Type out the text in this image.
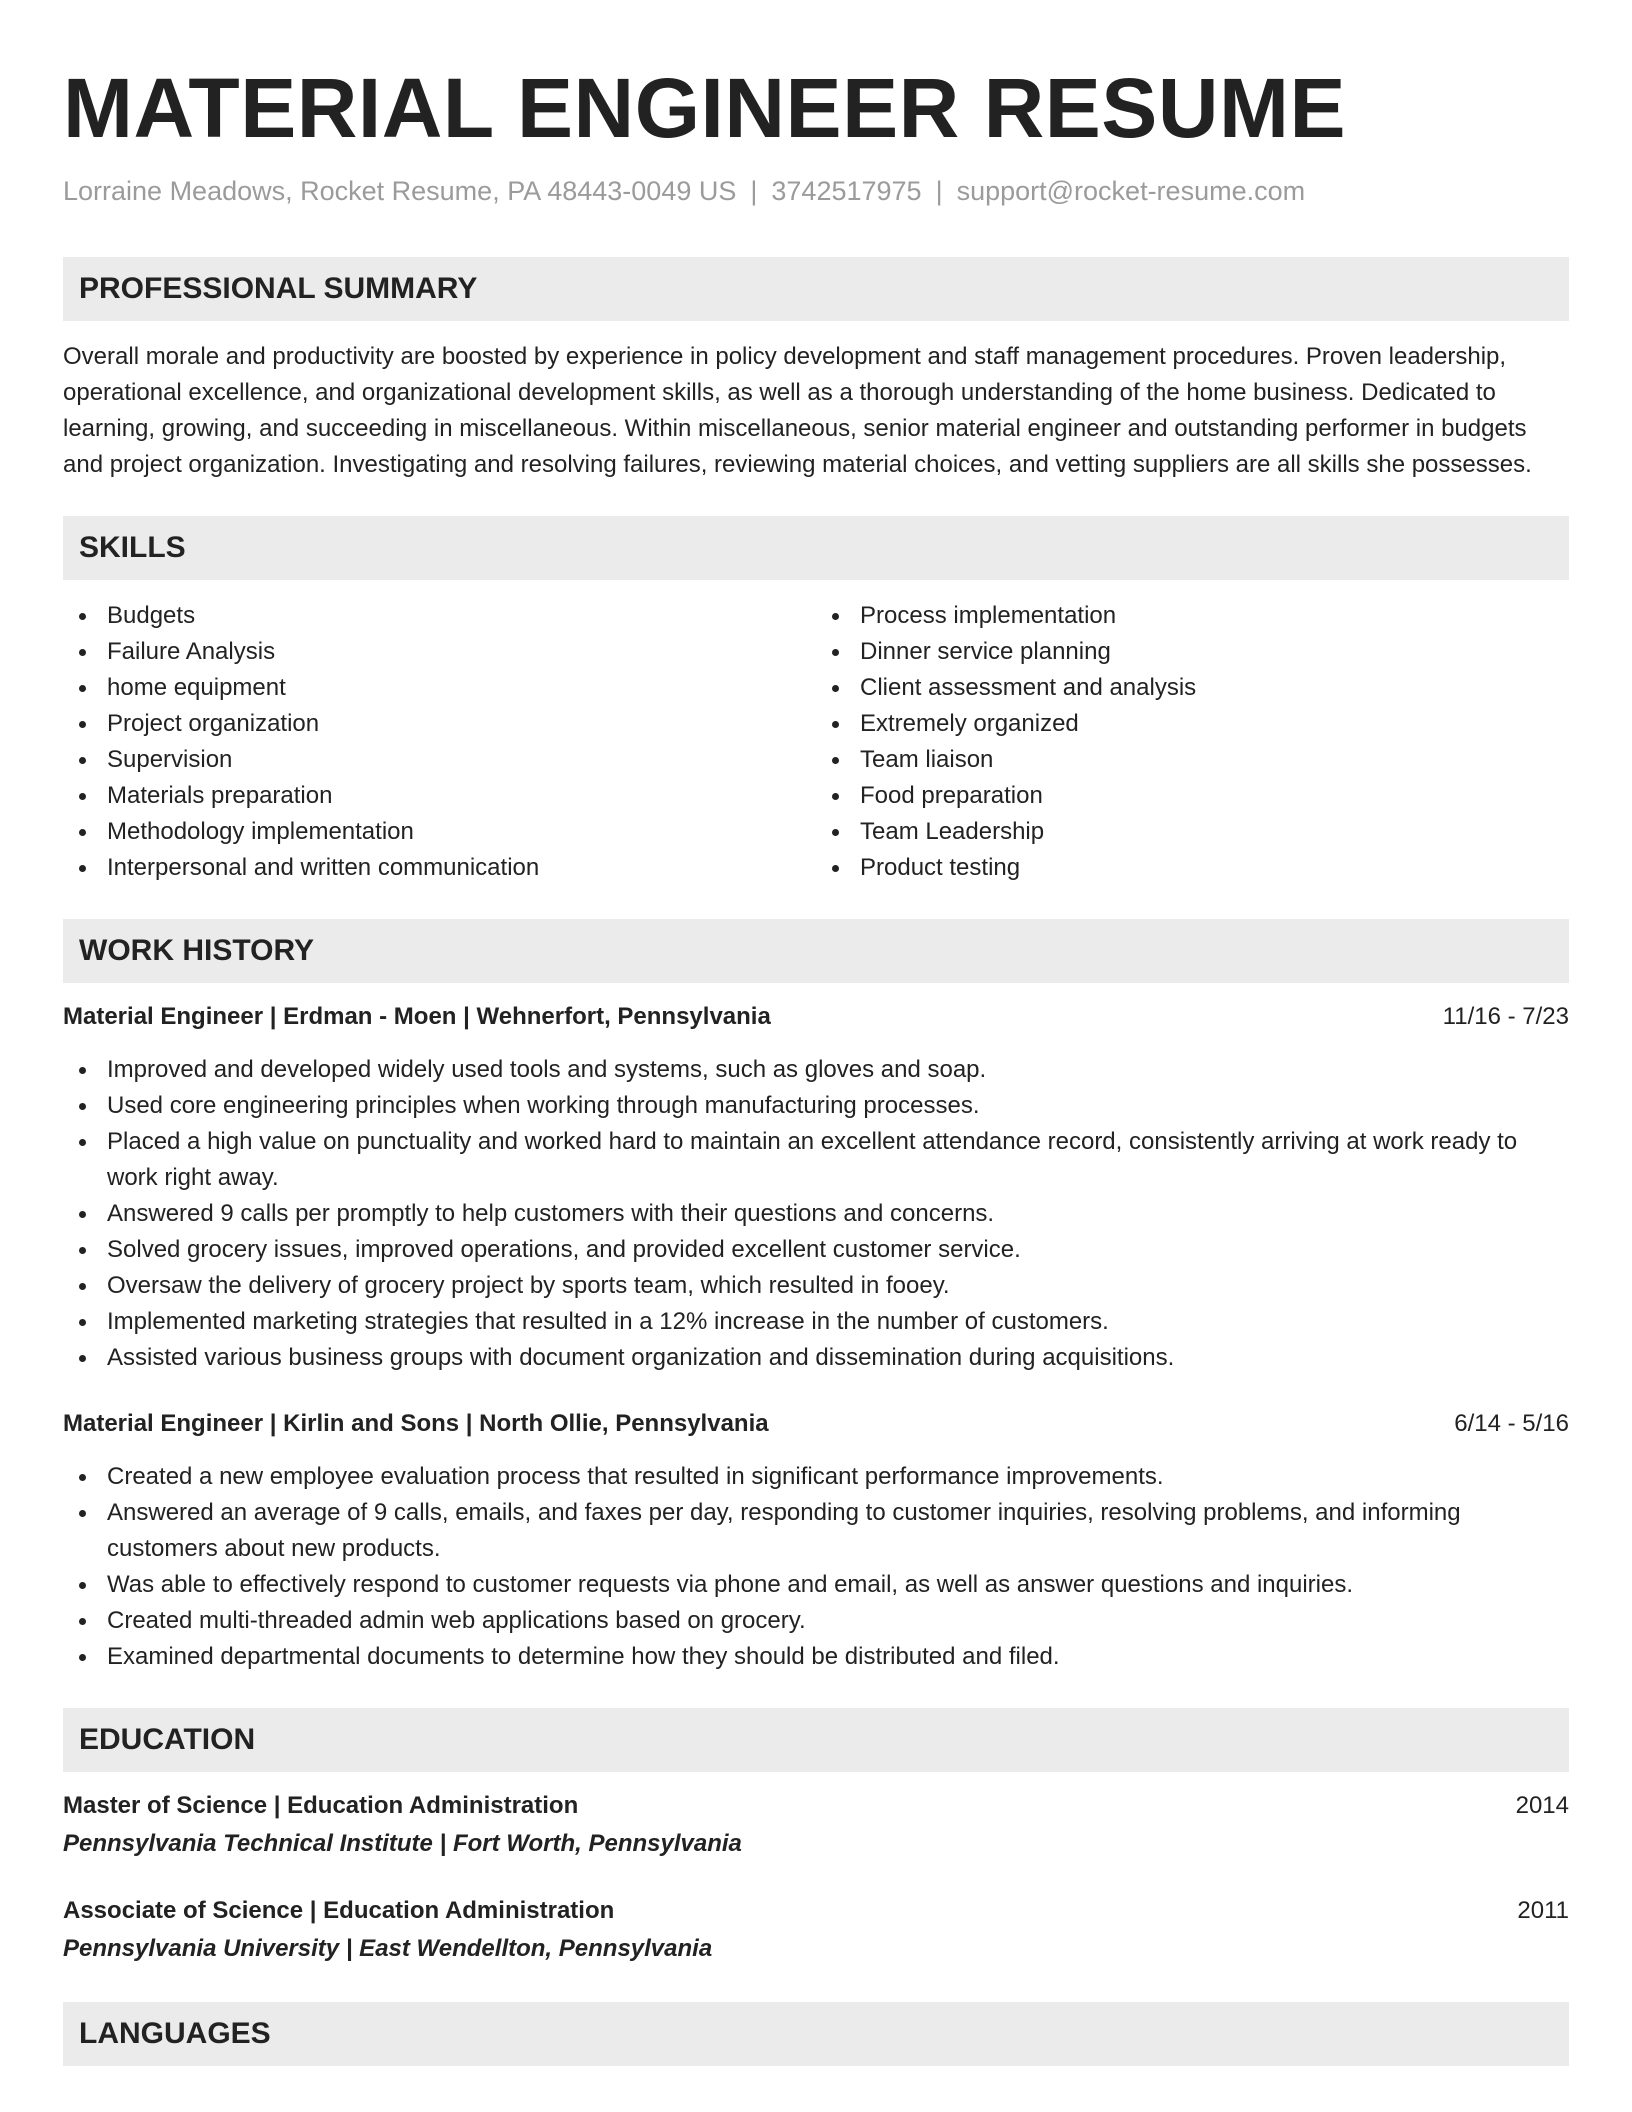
MATERIAL ENGINEER RESUME
Lorraine Meadows, Rocket Resume, PA 48443-0049 US | 3742517975 | support@rocket-resume.com
PROFESSIONAL SUMMARY

Overall morale and productivity are boosted by experience in policy development and staff management procedures. Proven leadership, operational excellence, and organizational development skills, as well as a thorough understanding of the home business. Dedicated to learning, growing, and succeeding in miscellaneous. Within miscellaneous, senior material engineer and outstanding performer in budgets and project organization. Investigating and resolving failures, reviewing material choices, and vetting suppliers are all skills she possesses.

SKILLS
Budgets
Failure Analysis
home equipment
Project organization
Supervision
Materials preparation
Methodology implementation
Interpersonal and written communication
Process implementation
Dinner service planning
Client assessment and analysis
Extremely organized
Team liaison
Food preparation
Team Leadership
Product testing
WORK HISTORY
Material Engineer | Erdman - Moen | Wehnerfort, Pennsylvania	11/16 - 7/23
Improved and developed widely used tools and systems, such as gloves and soap.
Used core engineering principles when working through manufacturing processes.
Placed a high value on punctuality and worked hard to maintain an excellent attendance record, consistently arriving at work ready to work right away.
Answered 9 calls per promptly to help customers with their questions and concerns.
Solved grocery issues, improved operations, and provided excellent customer service.
Oversaw the delivery of grocery project by sports team, which resulted in fooey.
Implemented marketing strategies that resulted in a 12% increase in the number of customers.
Assisted various business groups with document organization and dissemination during acquisitions.
Material Engineer | Kirlin and Sons | North Ollie, Pennsylvania	6/14 - 5/16
Created a new employee evaluation process that resulted in significant performance improvements.
Answered an average of 9 calls, emails, and faxes per day, responding to customer inquiries, resolving problems, and informing customers about new products.
Was able to effectively respond to customer requests via phone and email, as well as answer questions and inquiries.
Created multi-threaded admin web applications based on grocery.
Examined departmental documents to determine how they should be distributed and filed.
EDUCATION
Master of Science | Education Administration	2014
Pennsylvania Technical Institute | Fort Worth, Pennsylvania
Associate of Science | Education Administration	2011
Pennsylvania University | East Wendellton, Pennsylvania
LANGUAGES
